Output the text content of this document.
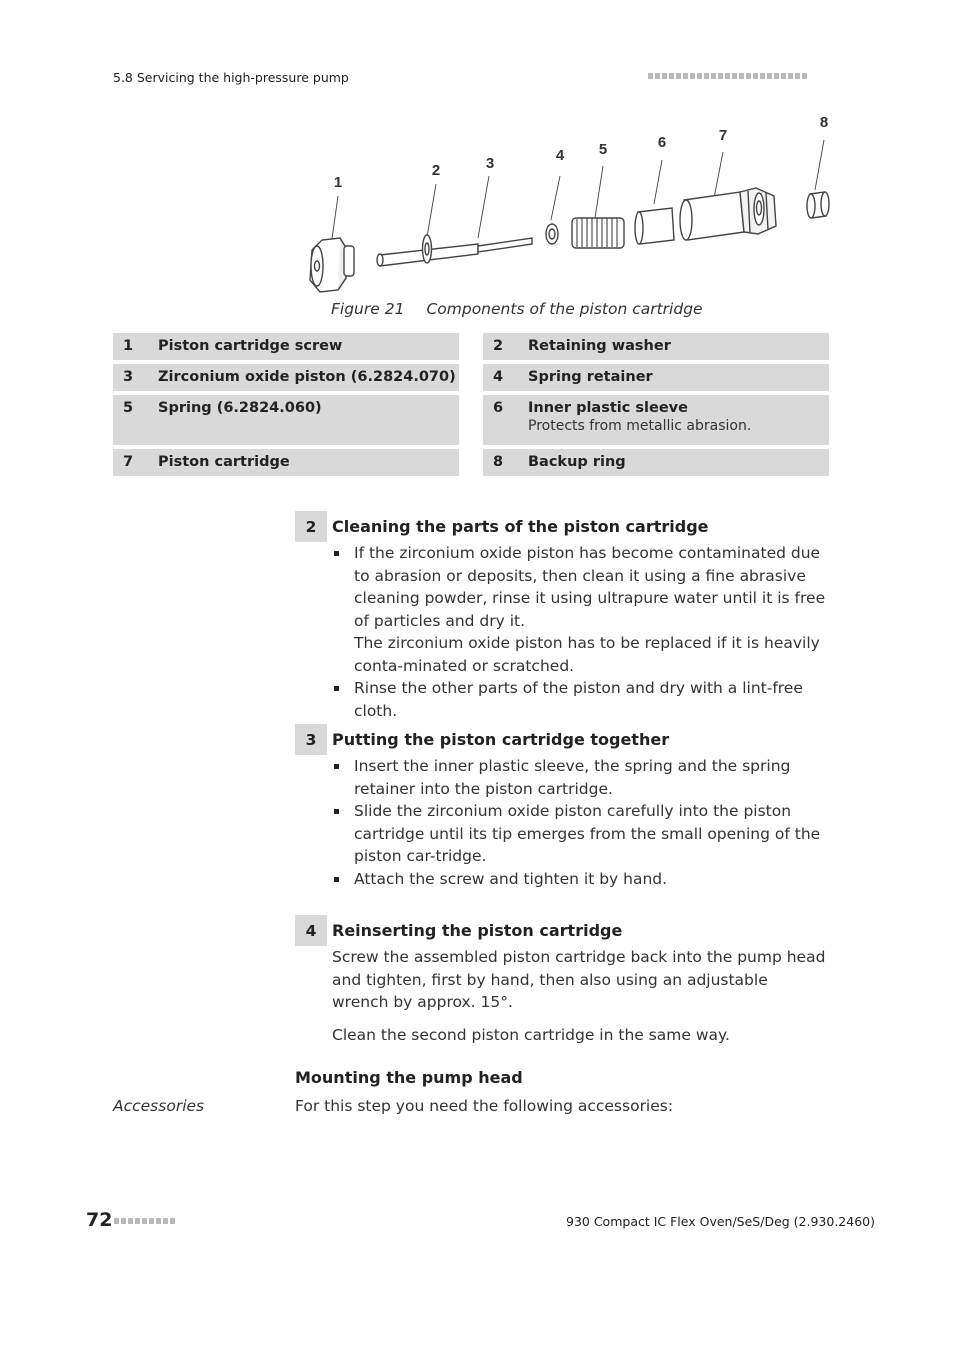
5.8 Servicing the high-pressure pump
1
2	3	4 5	6	7
8
Figure 21 Components of the piston cartridge
1	Piston cartridge screw	2	Retaining washer
3	Zirconium oxide piston (6.2824.070)	4	Spring retainer
5	Spring (6.2824.060)	6	Inner plastic sleeve
Protects from metallic abrasion.
7	Piston cartridge	8	Backup ring
2 Cleaning the parts of the piston cartridge
If the zirconium oxide piston has become contaminated due to abrasion or deposits, then clean it using a fine abrasive cleaning powder, rinse it using ultrapure water until it is free of particles and dry it.

The zirconium oxide piston has to be replaced if it is heavily conta-minated or scratched.

Rinse the other parts of the piston and dry with a lint-free cloth.
3 Putting the piston cartridge together
Insert the inner plastic sleeve, the spring and the spring retainer into the piston cartridge.
Slide the zirconium oxide piston carefully into the piston cartridge until its tip emerges from the small opening of the piston car-tridge.
Attach the screw and tighten it by hand.
4 Reinserting the piston cartridge

Screw the assembled piston cartridge back into the pump head and tighten, first by hand, then also using an adjustable wrench by approx. 15°.

Clean the second piston cartridge in the same way.

Mounting the pump head
Accessories	For this step you need the following accessories:
72	930 Compact IC Flex Oven/SeS/Deg (2.930.2460)
